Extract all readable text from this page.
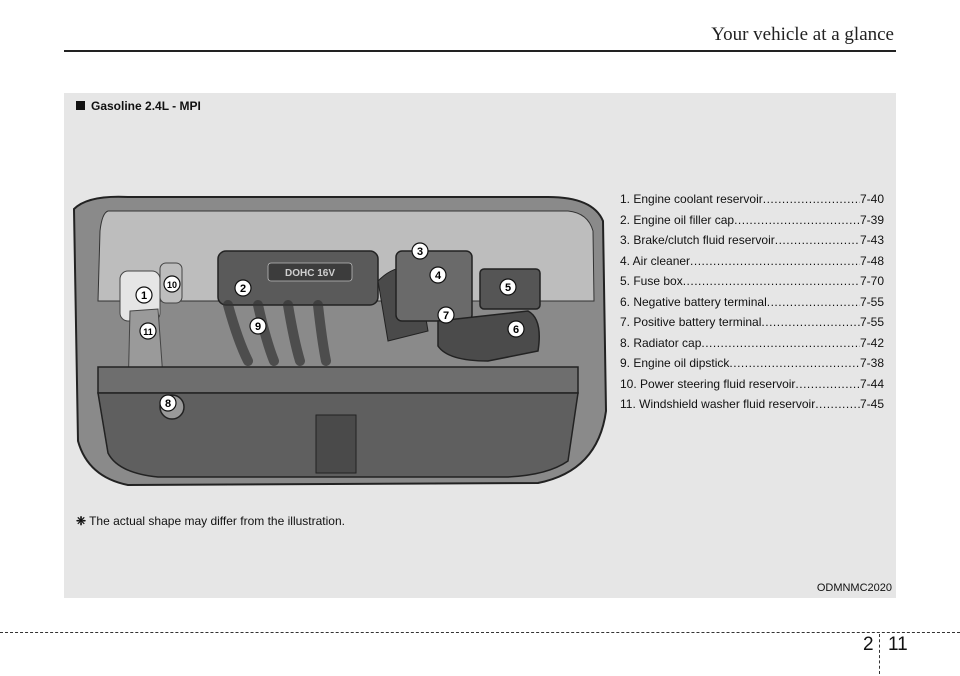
Your vehicle at a glance
Gasoline 2.4L - MPI
DOHC 16V
1
10
11
2
9
3
4
5
7
6
8
1. Engine coolant reservoir .....	7-40
2. Engine oil filler cap .....	7-39
3. Brake/clutch fluid reservoir .....	7-43
4. Air cleaner .....	7-48
5. Fuse box .....	7-70
6. Negative battery terminal .....	7-55
7. Positive battery terminal .....	7-55
8. Radiator cap .....	7-42
9. Engine oil dipstick .....	7-38
10. Power steering fluid reservoir .....	7-44
11. Windshield washer fluid reservoir .....	7-45
❈ The actual shape may differ from the illustration.
ODMNMC2020
2 11
